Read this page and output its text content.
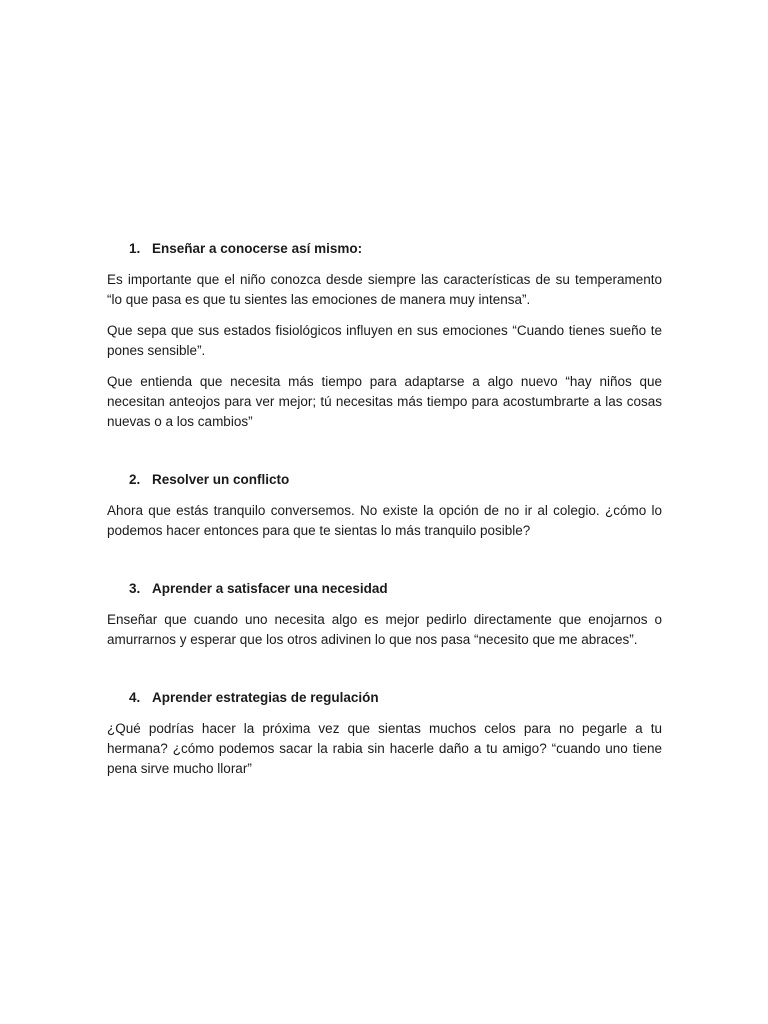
1. Enseñar a conocerse así mismo:

Es importante que el niño conozca desde siempre las características de su temperamento “lo que pasa es que tu sientes las emociones de manera muy intensa”.

Que sepa que sus estados fisiológicos influyen en sus emociones “Cuando tienes sueño te pones sensible”.

Que entienda que necesita más tiempo para adaptarse a algo nuevo “hay niños que necesitan anteojos para ver mejor; tú necesitas más tiempo para acostumbrarte a las cosas nuevas o a los cambios”

2. Resolver un conflicto

Ahora que estás tranquilo conversemos. No existe la opción de no ir al colegio. ¿cómo lo podemos hacer entonces para que te sientas lo más tranquilo posible?

3. Aprender a satisfacer una necesidad

Enseñar que cuando uno necesita algo es mejor pedirlo directamente que enojarnos o amurrarnos y esperar que los otros adivinen lo que nos pasa “necesito que me abraces”.

4. Aprender estrategias de regulación

¿Qué podrías hacer la próxima vez que sientas muchos celos para no pegarle a tu hermana? ¿cómo podemos sacar la rabia sin hacerle daño a tu amigo? “cuando uno tiene pena sirve mucho llorar”
